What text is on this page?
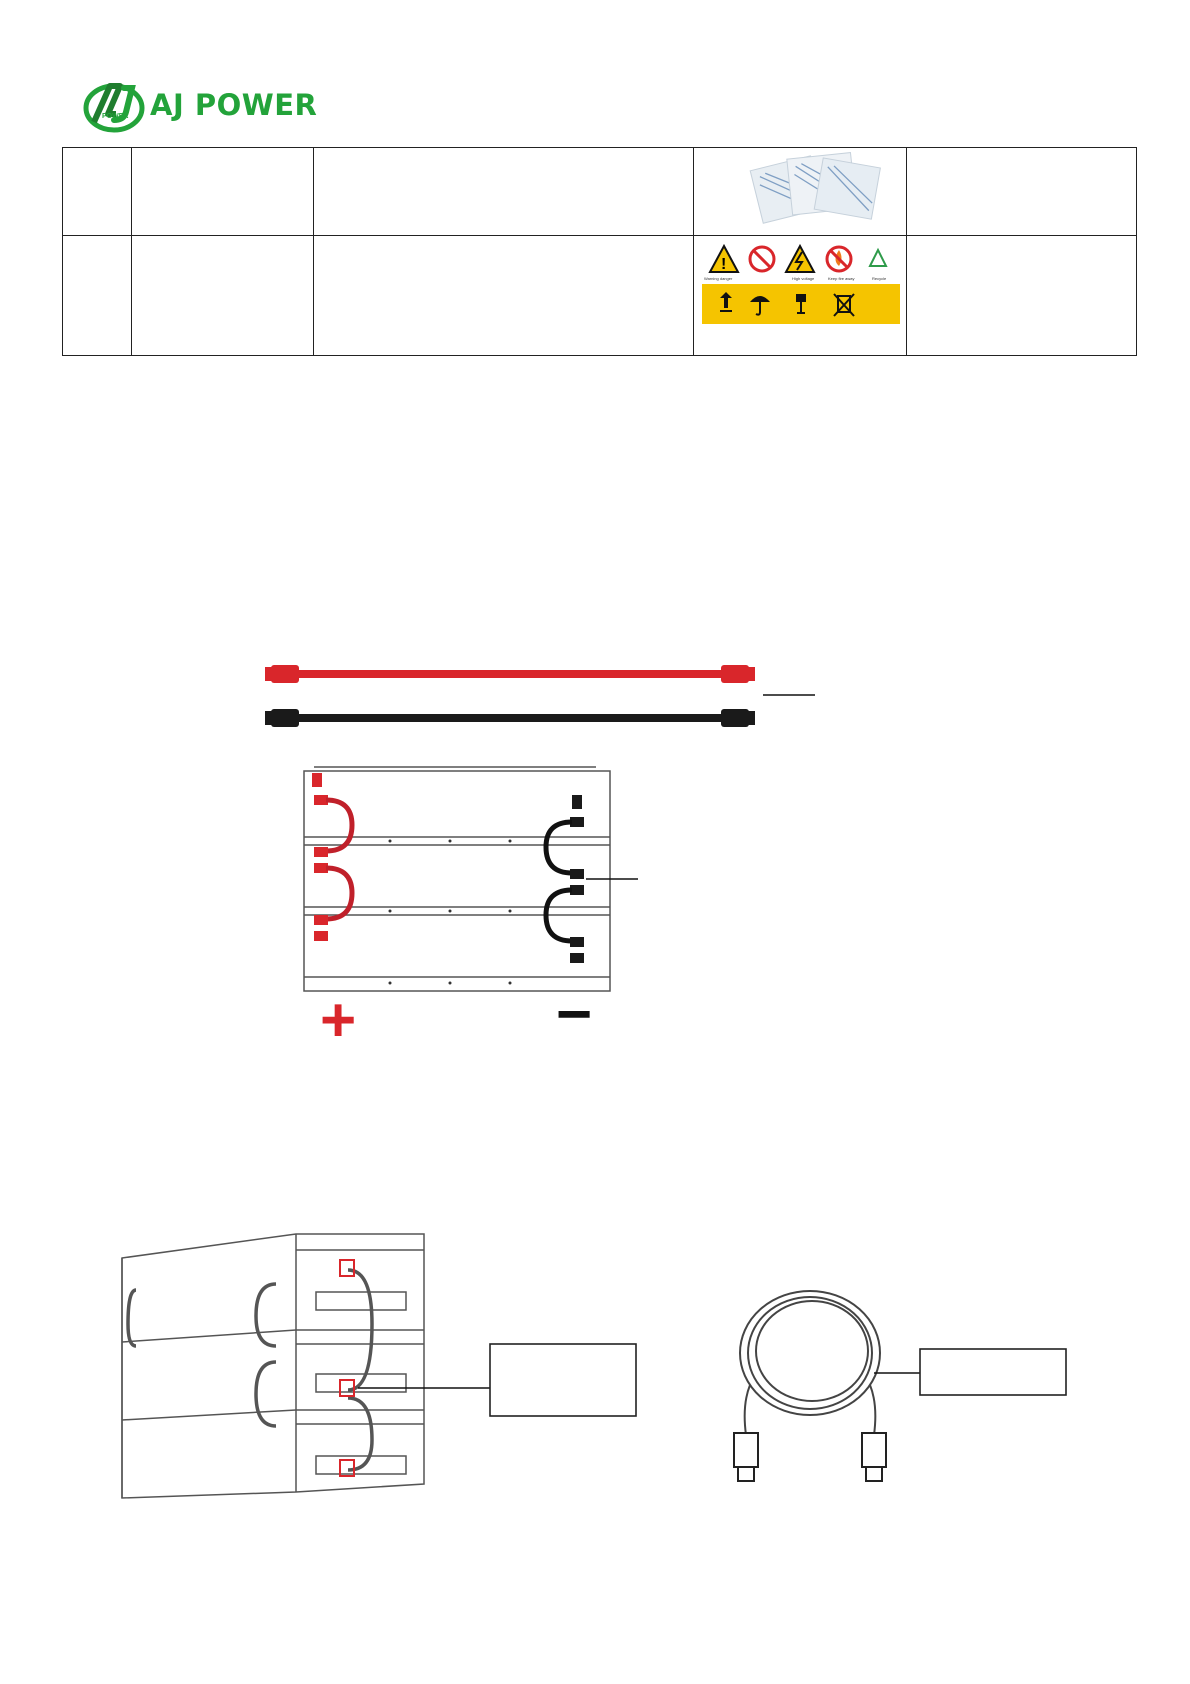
POWER AJ POWER

!
Warning danger High voltage Keep fire away Recycle	

+	−
